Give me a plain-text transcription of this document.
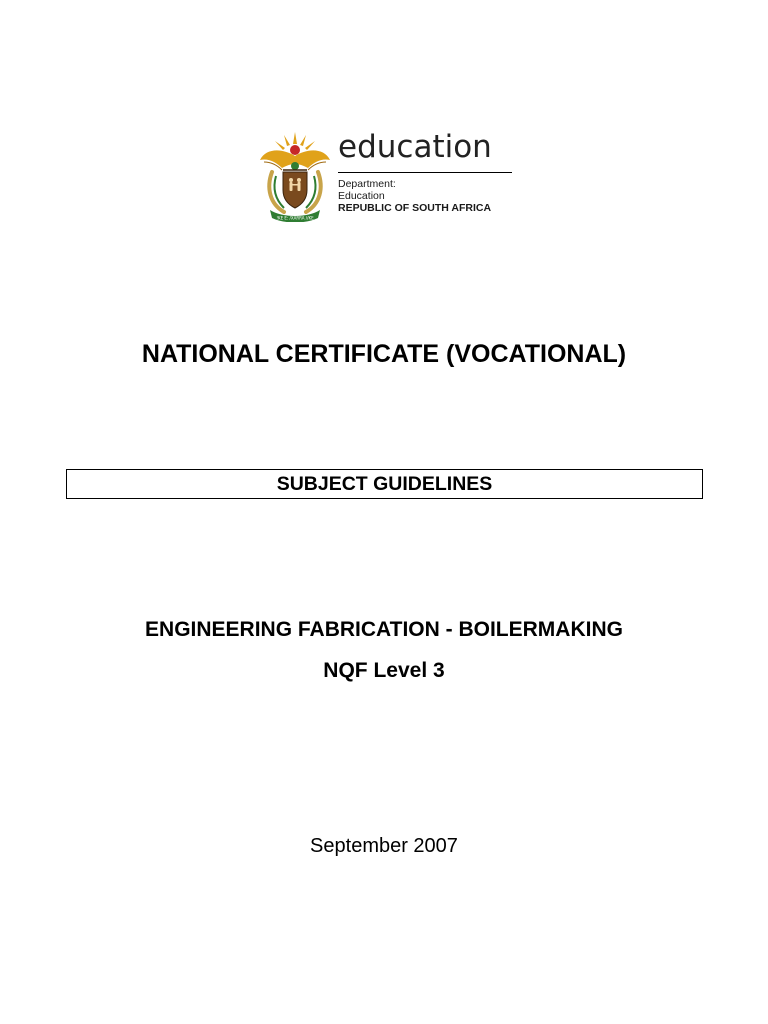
!KE E: /XARRA //KE
education
Department:
Education
REPUBLIC OF SOUTH AFRICA
NATIONAL CERTIFICATE (VOCATIONAL)
SUBJECT GUIDELINES
ENGINEERING FABRICATION - BOILERMAKING
NQF Level 3
September 2007
